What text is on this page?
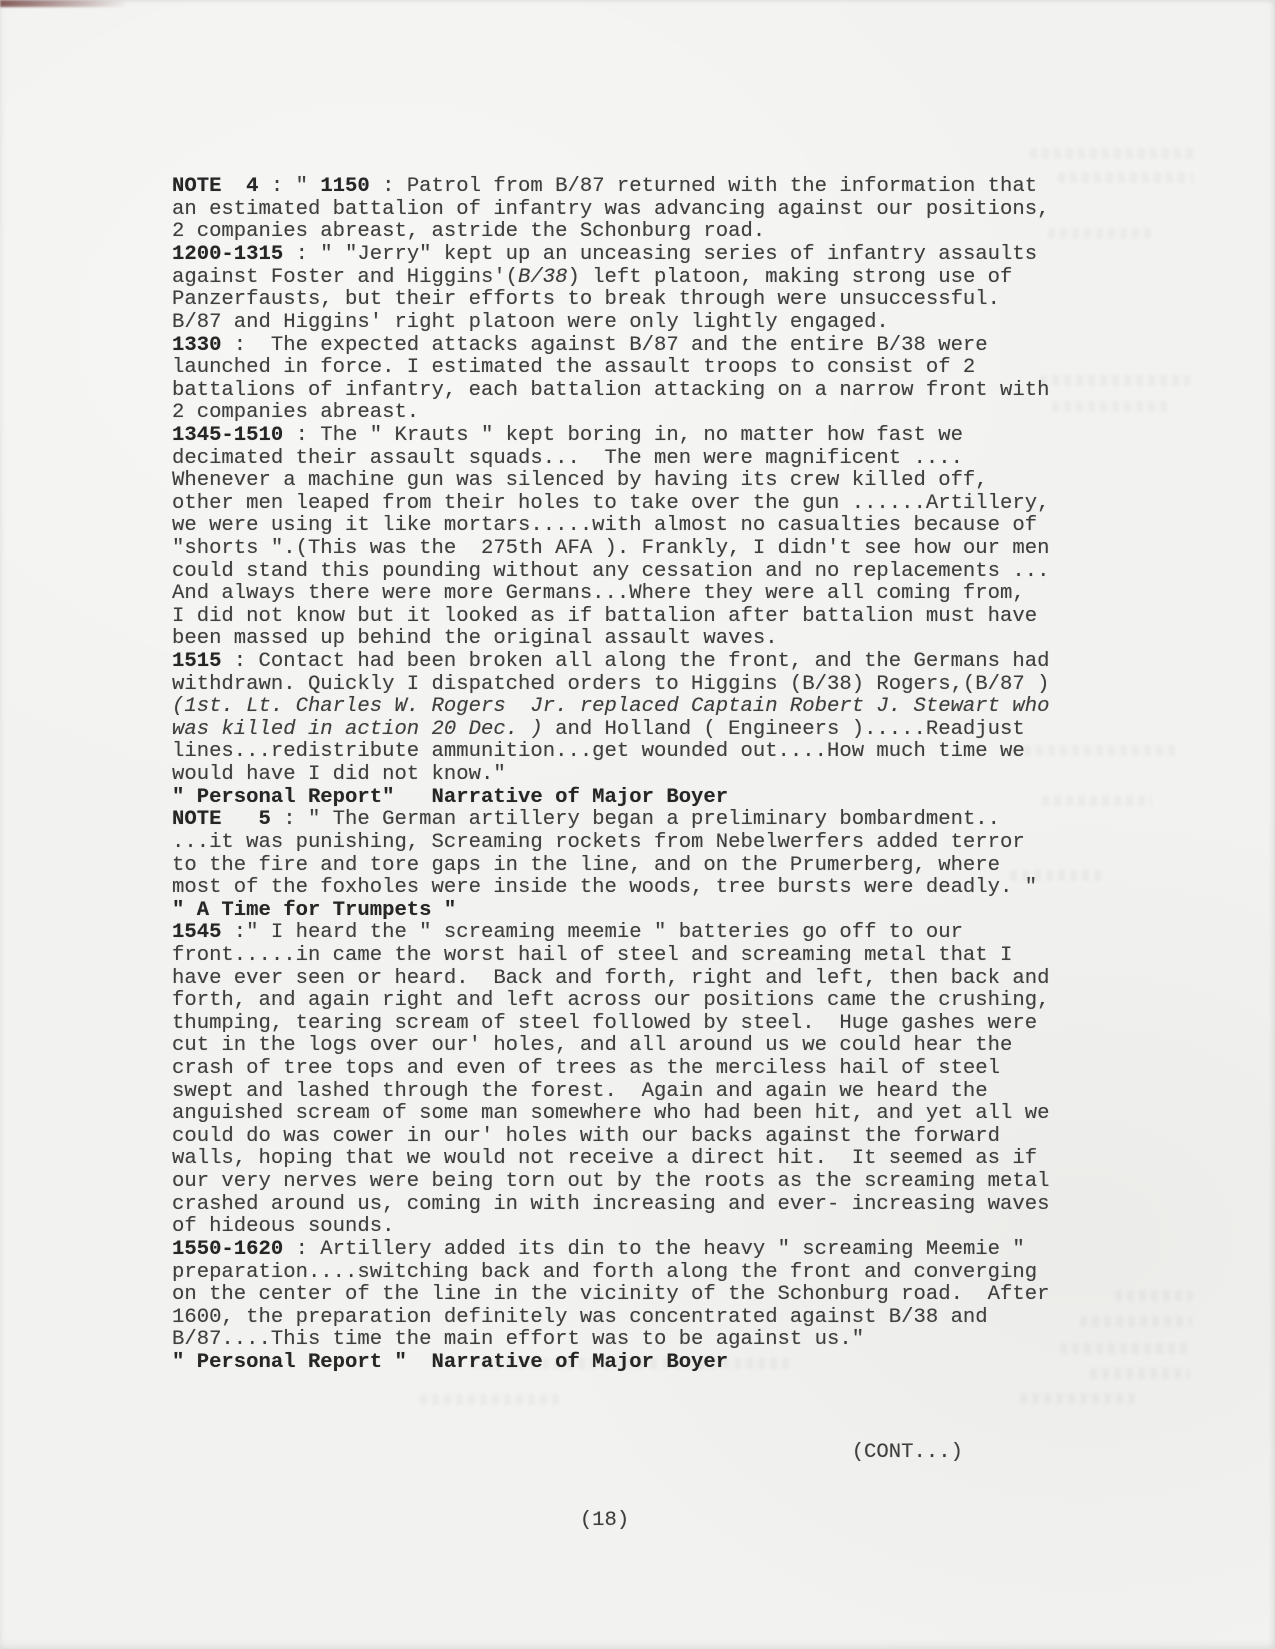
NOTE  4 : " 1150 : Patrol from B/87 returned with the information that
an estimated battalion of infantry was advancing against our positions,
2 companies abreast, astride the Schonburg road.
1200-1315 : " "Jerry" kept up an unceasing series of infantry assaults
against Foster and Higgins'(B/38) left platoon, making strong use of
Panzerfausts, but their efforts to break through were unsuccessful.
B/87 and Higgins' right platoon were only lightly engaged.
1330 :  The expected attacks against B/87 and the entire B/38 were
launched in force. I estimated the assault troops to consist of 2
battalions of infantry, each battalion attacking on a narrow front with
2 companies abreast.
1345-1510 : The " Krauts " kept boring in, no matter how fast we
decimated their assault squads...  The men were magnificent ....
Whenever a machine gun was silenced by having its crew killed off,
other men leaped from their holes to take over the gun ......Artillery,
we were using it like mortars.....with almost no casualties because of
"shorts ".(This was the  275th AFA ). Frankly, I didn't see how our men
could stand this pounding without any cessation and no replacements ...
And always there were more Germans...Where they were all coming from,
I did not know but it looked as if battalion after battalion must have
been massed up behind the original assault waves.
1515 : Contact had been broken all along the front, and the Germans had
withdrawn. Quickly I dispatched orders to Higgins (B/38) Rogers,(B/87 )
(1st. Lt. Charles W. Rogers  Jr. replaced Captain Robert J. Stewart who
was killed in action 20 Dec. ) and Holland ( Engineers ).....Readjust
lines...redistribute ammunition...get wounded out....How much time we
would have I did not know."
" Personal Report"   Narrative of Major Boyer
NOTE   5 : " The German artillery began a preliminary bombardment..
...it was punishing, Screaming rockets from Nebelwerfers added terror
to the fire and tore gaps in the line, and on the Prumerberg, where
most of the foxholes were inside the woods, tree bursts were deadly. "
" A Time for Trumpets "
1545 :" I heard the " screaming meemie " batteries go off to our
front.....in came the worst hail of steel and screaming metal that I
have ever seen or heard.  Back and forth, right and left, then back and
forth, and again right and left across our positions came the crushing,
thumping, tearing scream of steel followed by steel.  Huge gashes were
cut in the logs over our' holes, and all around us we could hear the
crash of tree tops and even of trees as the merciless hail of steel
swept and lashed through the forest.  Again and again we heard the
anguished scream of some man somewhere who had been hit, and yet all we
could do was cower in our' holes with our backs against the forward
walls, hoping that we would not receive a direct hit.  It seemed as if
our very nerves were being torn out by the roots as the screaming metal
crashed around us, coming in with increasing and ever- increasing waves
of hideous sounds.
1550-1620 : Artillery added its din to the heavy " screaming Meemie "
preparation....switching back and forth along the front and converging
on the center of the line in the vicinity of the Schonburg road.  After
1600, the preparation definitely was concentrated against B/38 and
B/87....This time the main effort was to be against us."
" Personal Report "  Narrative of Major Boyer

(CONT...)

(18)
